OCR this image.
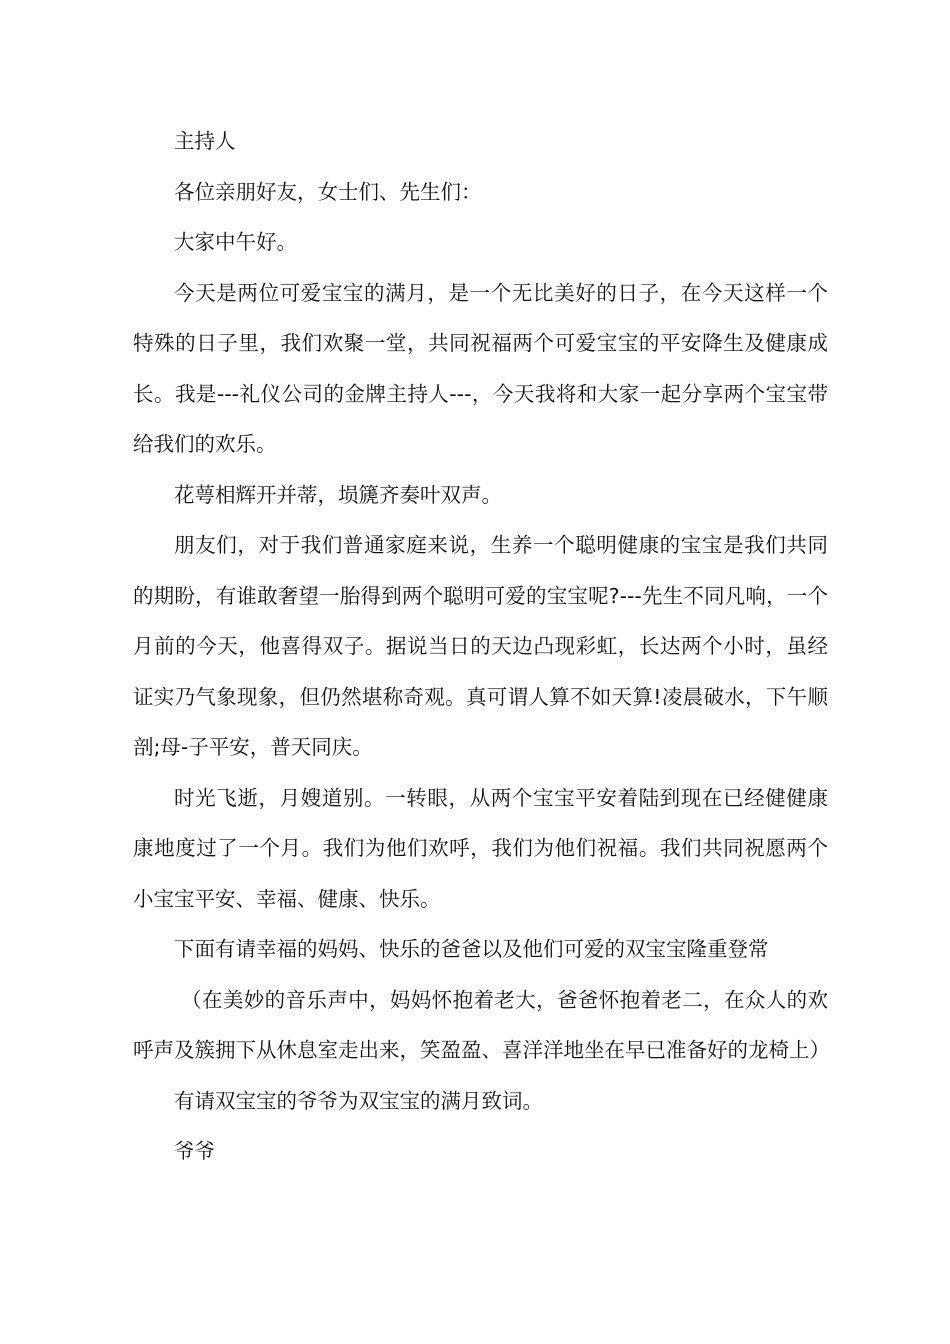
主持人

各位亲朋好友，女士们、先生们：

大家中午好。

今天是两位可爱宝宝的满月，是一个无比美好的日子，在今天这样一个特殊的日子里，我们欢聚一堂，共同祝福两个可爱宝宝的平安降生及健康成长。我是---礼仪公司的金牌主持人---，今天我将和大家一起分享两个宝宝带给我们的欢乐。

花萼相辉开并蒂，埙篪齐奏叶双声。

朋友们，对于我们普通家庭来说，生养一个聪明健康的宝宝是我们共同的期盼，有谁敢奢望一胎得到两个聪明可爱的宝宝呢?---先生不同凡响，一个月前的今天，他喜得双子。据说当日的天边凸现彩虹，长达两个小时，虽经证实乃气象现象，但仍然堪称奇观。真可谓人算不如天算!凌晨破水，下午顺剖;母-子平安，普天同庆。

时光飞逝，月嫂道别。一转眼，从两个宝宝平安着陆到现在已经健健康康地度过了一个月。我们为他们欢呼，我们为他们祝福。我们共同祝愿两个小宝宝平安、幸福、健康、快乐。

下面有请幸福的妈妈、快乐的爸爸以及他们可爱的双宝宝隆重登常

（在美妙的音乐声中，妈妈怀抱着老大，爸爸怀抱着老二，在众人的欢呼声及簇拥下从休息室走出来，笑盈盈、喜洋洋地坐在早已准备好的龙椅上）

有请双宝宝的爷爷为双宝宝的满月致词。

爷爷
